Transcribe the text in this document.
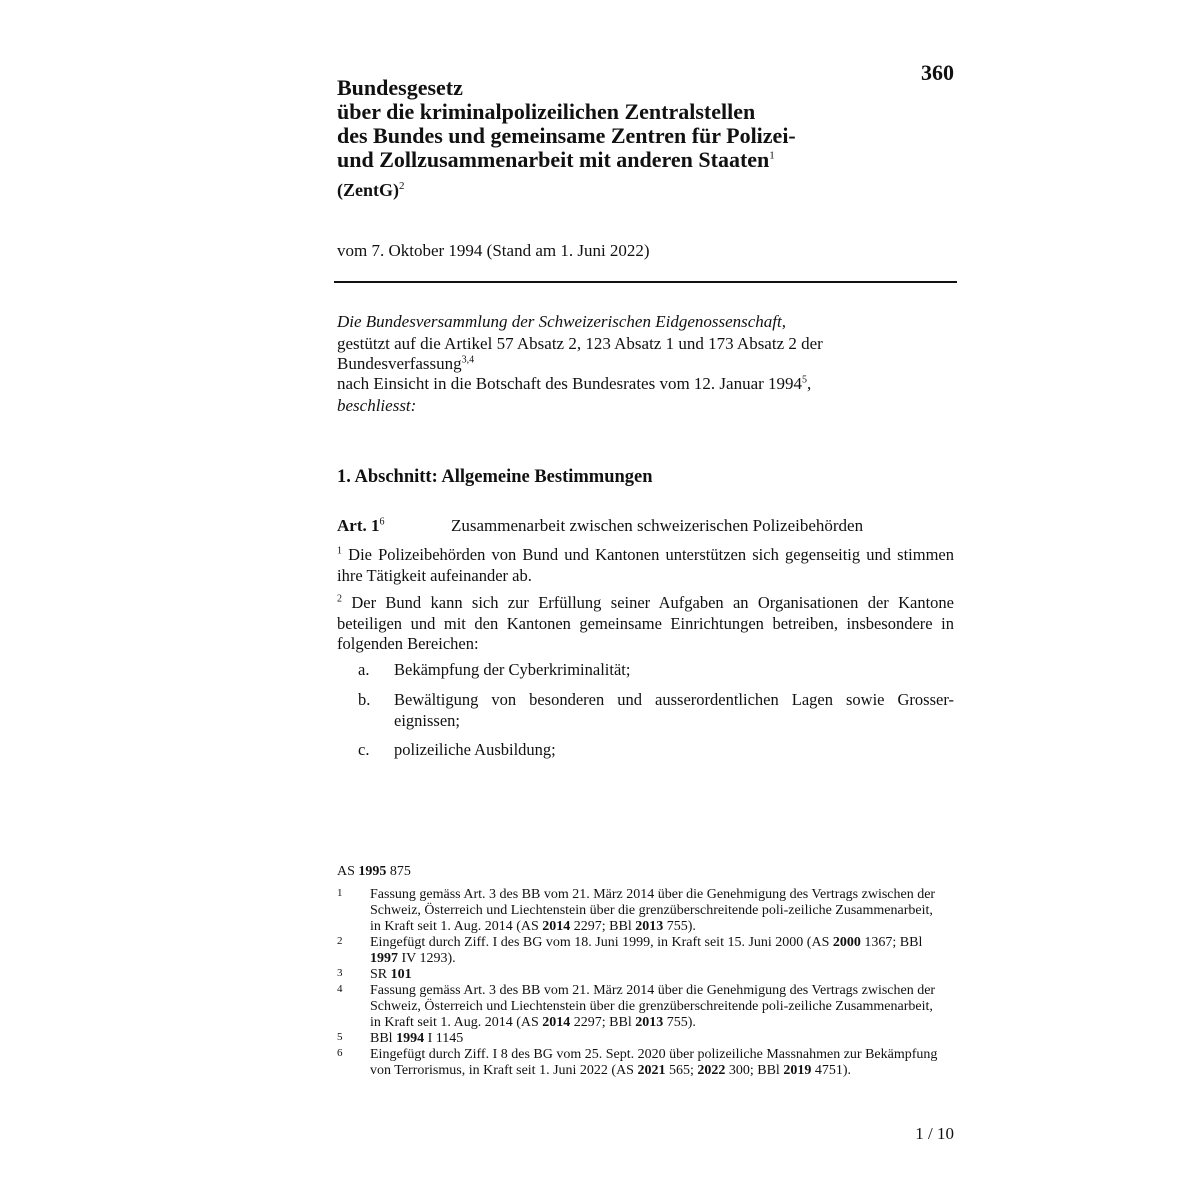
360
Bundesgesetz
über die kriminalpolizeilichen Zentralstellen
des Bundes und gemeinsame Zentren für Polizei-
und Zollzusammenarbeit mit anderen Staaten$^1$
(ZentG)$^2$
vom 7. Oktober 1994 (Stand am 1. Juni 2022)
Die Bundesversammlung der Schweizerischen Eidgenossenschaft,
gestützt auf die Artikel 57 Absatz 2, 123 Absatz 1 und 173 Absatz 2 der
Bundesverfassung$^{3,4}$
nach Einsicht in die Botschaft des Bundesrates vom 12. Januar 1994$^5$,
beschliesst:
1. Abschnitt: Allgemeine Bestimmungen
Art. $1^6$	Zusammenarbeit zwischen schweizerischen Polizeibehörden
$^1$ Die Polizeibehörden von Bund und Kantonen unterstützen sich gegenseitig und stimmen ihre Tätigkeit aufeinander ab.
$^2$ Der Bund kann sich zur Erfüllung seiner Aufgaben an Organisationen der Kantone beteiligen und mit den Kantonen gemeinsame Einrichtungen betreiben, insbesondere in folgenden Bereichen:
a. Bekämpfung der Cyberkriminalität;
b. Bewältigung von besonderen und ausserordentlichen Lagen sowie Grosser-eignissen;
c. polizeiliche Ausbildung;
AS 1995 875
1 Fassung gemäss Art. 3 des BB vom 21. März 2014 über die Genehmigung des Vertrags zwischen der Schweiz, Österreich und Liechtenstein über die grenzüberschreitende poli-zeiliche Zusammenarbeit, in Kraft seit 1. Aug. 2014 (AS 2014 2297; BBl 2013 755).
2 Eingefügt durch Ziff. I des BG vom 18. Juni 1999, in Kraft seit 15. Juni 2000 (AS 2000 1367; BBl 1997 IV 1293).
3 SR 101
4 Fassung gemäss Art. 3 des BB vom 21. März 2014 über die Genehmigung des Vertrags zwischen der Schweiz, Österreich und Liechtenstein über die grenzüberschreitende poli-zeiliche Zusammenarbeit, in Kraft seit 1. Aug. 2014 (AS 2014 2297; BBl 2013 755).
5 BBl 1994 I 1145
6 Eingefügt durch Ziff. I 8 des BG vom 25. Sept. 2020 über polizeiliche Massnahmen zur Bekämpfung von Terrorismus, in Kraft seit 1. Juni 2022 (AS 2021 565; 2022 300; BBl 2019 4751).
1 / 10
